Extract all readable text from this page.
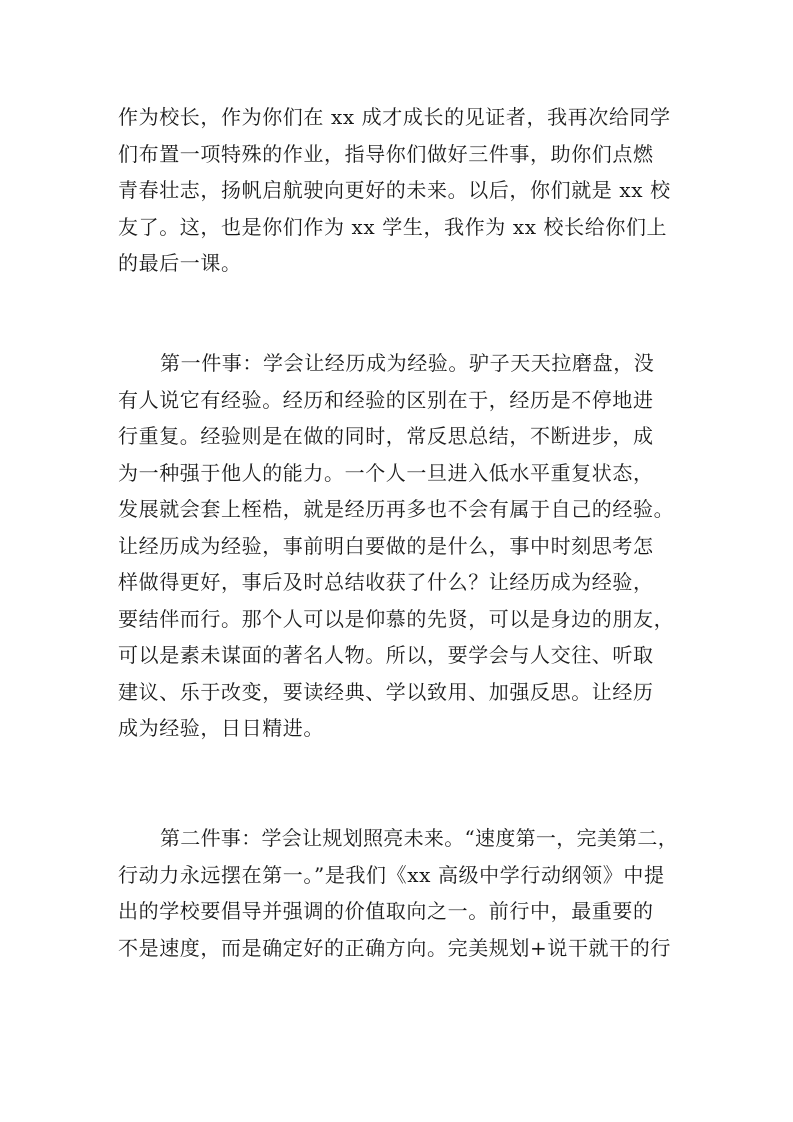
作为校长，作为你们在 xx 成才成长的见证者，我再次给同学
们布置一项特殊的作业，指导你们做好三件事，助你们点燃
青春壮志，扬帆启航驶向更好的未来。以后，你们就是 xx 校
友了。这，也是你们作为 xx 学生，我作为 xx 校长给你们上
的最后一课。

第一件事：学会让经历成为经验。驴子天天拉磨盘，没
有人说它有经验。经历和经验的区别在于，经历是不停地进
行重复。经验则是在做的同时，常反思总结，不断进步，成
为一种强于他人的能力。一个人一旦进入低水平重复状态，
发展就会套上桎梏，就是经历再多也不会有属于自己的经验。
让经历成为经验，事前明白要做的是什么，事中时刻思考怎
样做得更好，事后及时总结收获了什么？让经历成为经验，
要结伴而行。那个人可以是仰慕的先贤，可以是身边的朋友，
可以是素未谋面的著名人物。所以，要学会与人交往、听取
建议、乐于改变，要读经典、学以致用、加强反思。让经历
成为经验，日日精进。

第二件事：学会让规划照亮未来。“速度第一，完美第二，
行动力永远摆在第一。”是我们《xx 高级中学行动纲领》中提
出的学校要倡导并强调的价值取向之一。前行中，最重要的
不是速度，而是确定好的正确方向。完美规划+说干就干的行
